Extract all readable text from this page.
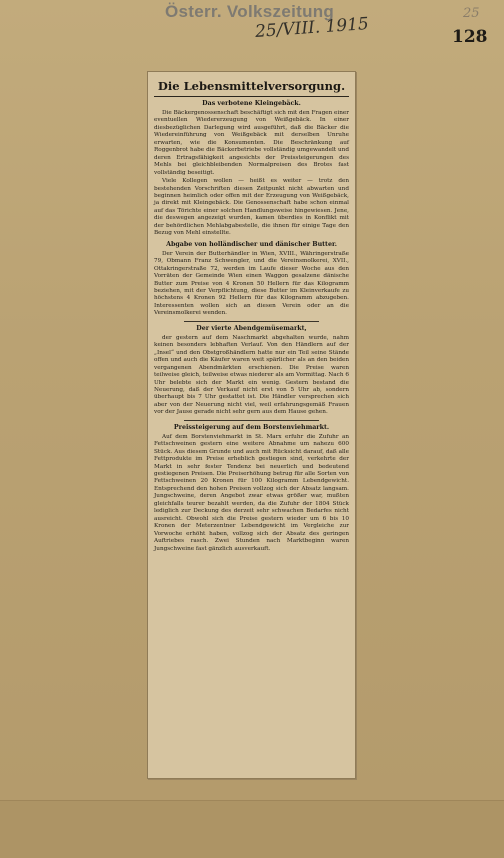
Österr. Volkszeitung
25/VIII. 1915
25
128
Die Lebensmittelversorgung.
Das verbotene Kleingebäck.

Die Bäckergenossenschaft beschäftigt sich mit den Fragen einer eventuellen Wiedererzeugung von Weißgebäck. In einer diesbezüglichen Darlegung wird ausgeführt, daß die Bäcker die Wiedereinführung von Weißgebäck mit derselben Unruhe erwarten, wie die Konsumenten. Die Beschränkung auf Roggenbrot habe die Bäckerbetriebe vollständig umgewandelt und deren Ertragsfähigkeit angesichts der Preissteigerungen des Mehls bei gleichbleibenden Normalpreisen des Brotes fast vollständig beseitigt.

Viele Kollegen wollen — heißt es weiter — trotz den bestehenden Vorschriften diesen Zeitpunkt nicht abwarten und beginnen heimlich oder offen mit der Erzeugung von Weißgebäck, ja direkt mit Kleingebäck. Die Genossenschaft habe schon einmal auf das Törichte einer solchen Handlungsweise hingewiesen. Jene, die deswegen angezeigt wurden, kamen überdies in Konflikt mit der behördlichen Mehlabgabestelle, die ihnen für einige Tage den Bezug von Mehl einstellte.

Abgabe von holländischer und dänischer Butter.

Der Verein der Butterhändler in Wien, XVIII., Währingerstraße 79, Obmann Franz Schwengler, und die Vereinsmolkerei, XVII., Ottakringerstraße 72, werden im Laufe dieser Woche aus den Vorräten der Gemeinde Wien einen Waggon gesalzene dänische Butter zum Preise von 4 Kronen 50 Hellern für das Kilogramm beziehen, mit der Verpflichtung, diese Butter im Kleinverkaufe zu höchstens 4 Kronen 92 Hellern für das Kilogramm abzugeben. Interessenten wollen sich an diesen Verein oder an die Vereinsmolkerei wenden.

Der vierte Abendgemüsemarkt,

der gestern auf dem Naschmarkt abgehalten wurde, nahm keinen besonders lebhaften Verlauf. Von den Händlern auf der „Insel“ und den Obstgroßhändlern hatte nur ein Teil seine Stände offen und auch die Käufer waren weit spärlicher als an den beiden vergangenen Abendmärkten erschienen. Die Preise waren teilweise gleich, teilweise etwas niederer als am Vormittag. Nach 6 Uhr belebte sich der Markt ein wenig. Gestern bestand die Neuerung, daß der Verkauf nicht erst von 5 Uhr ab, sondern überhaupt bis 7 Uhr gestattet ist. Die Händler versprechen sich aber von der Neuerung nicht viel, weil erfahrungsgemäß Frauen vor der Jause gerade nicht sehr gern aus dem Hause gehen.

Preissteigerung auf dem Borstenviehmarkt.

Auf dem Borstenviehmarkt in St. Marx erfuhr die Zufuhr an Fettschweinen gestern eine weitere Abnahme um nahezu 600 Stück. Aus diesem Grunde und auch mit Rücksicht darauf, daß alle Fettprodukte im Preise erheblich gestiegen sind, verkehrte der Markt in sehr fester Tendenz bei neuerlich und bedeutend gestiegenen Preisen. Die Preiserhöhung betrug für alle Sorten von Fettschweinen 20 Kronen für 100 Kilogramm Lebendgewicht. Entsprechend den hohen Preisen vollzog sich der Absatz langsam. Jungschweine, deren Angebot zwar etwas größer war, mußten gleichfalls teurer bezahlt werden, da die Zufuhr der 1804 Stück lediglich zur Deckung des derzeit sehr schwachen Bedarfes nicht ausreicht. Obwohl sich die Preise gestern wieder um 6 bis 10 Kronen der Meterzentner Lebendgewicht im Vergleiche zur Vorwoche erhöht haben, vollzog sich der Absatz des geringen Auftriebes rasch. Zwei Stunden nach Marktbeginn waren Jungschweine fast gänzlich ausverkauft.
